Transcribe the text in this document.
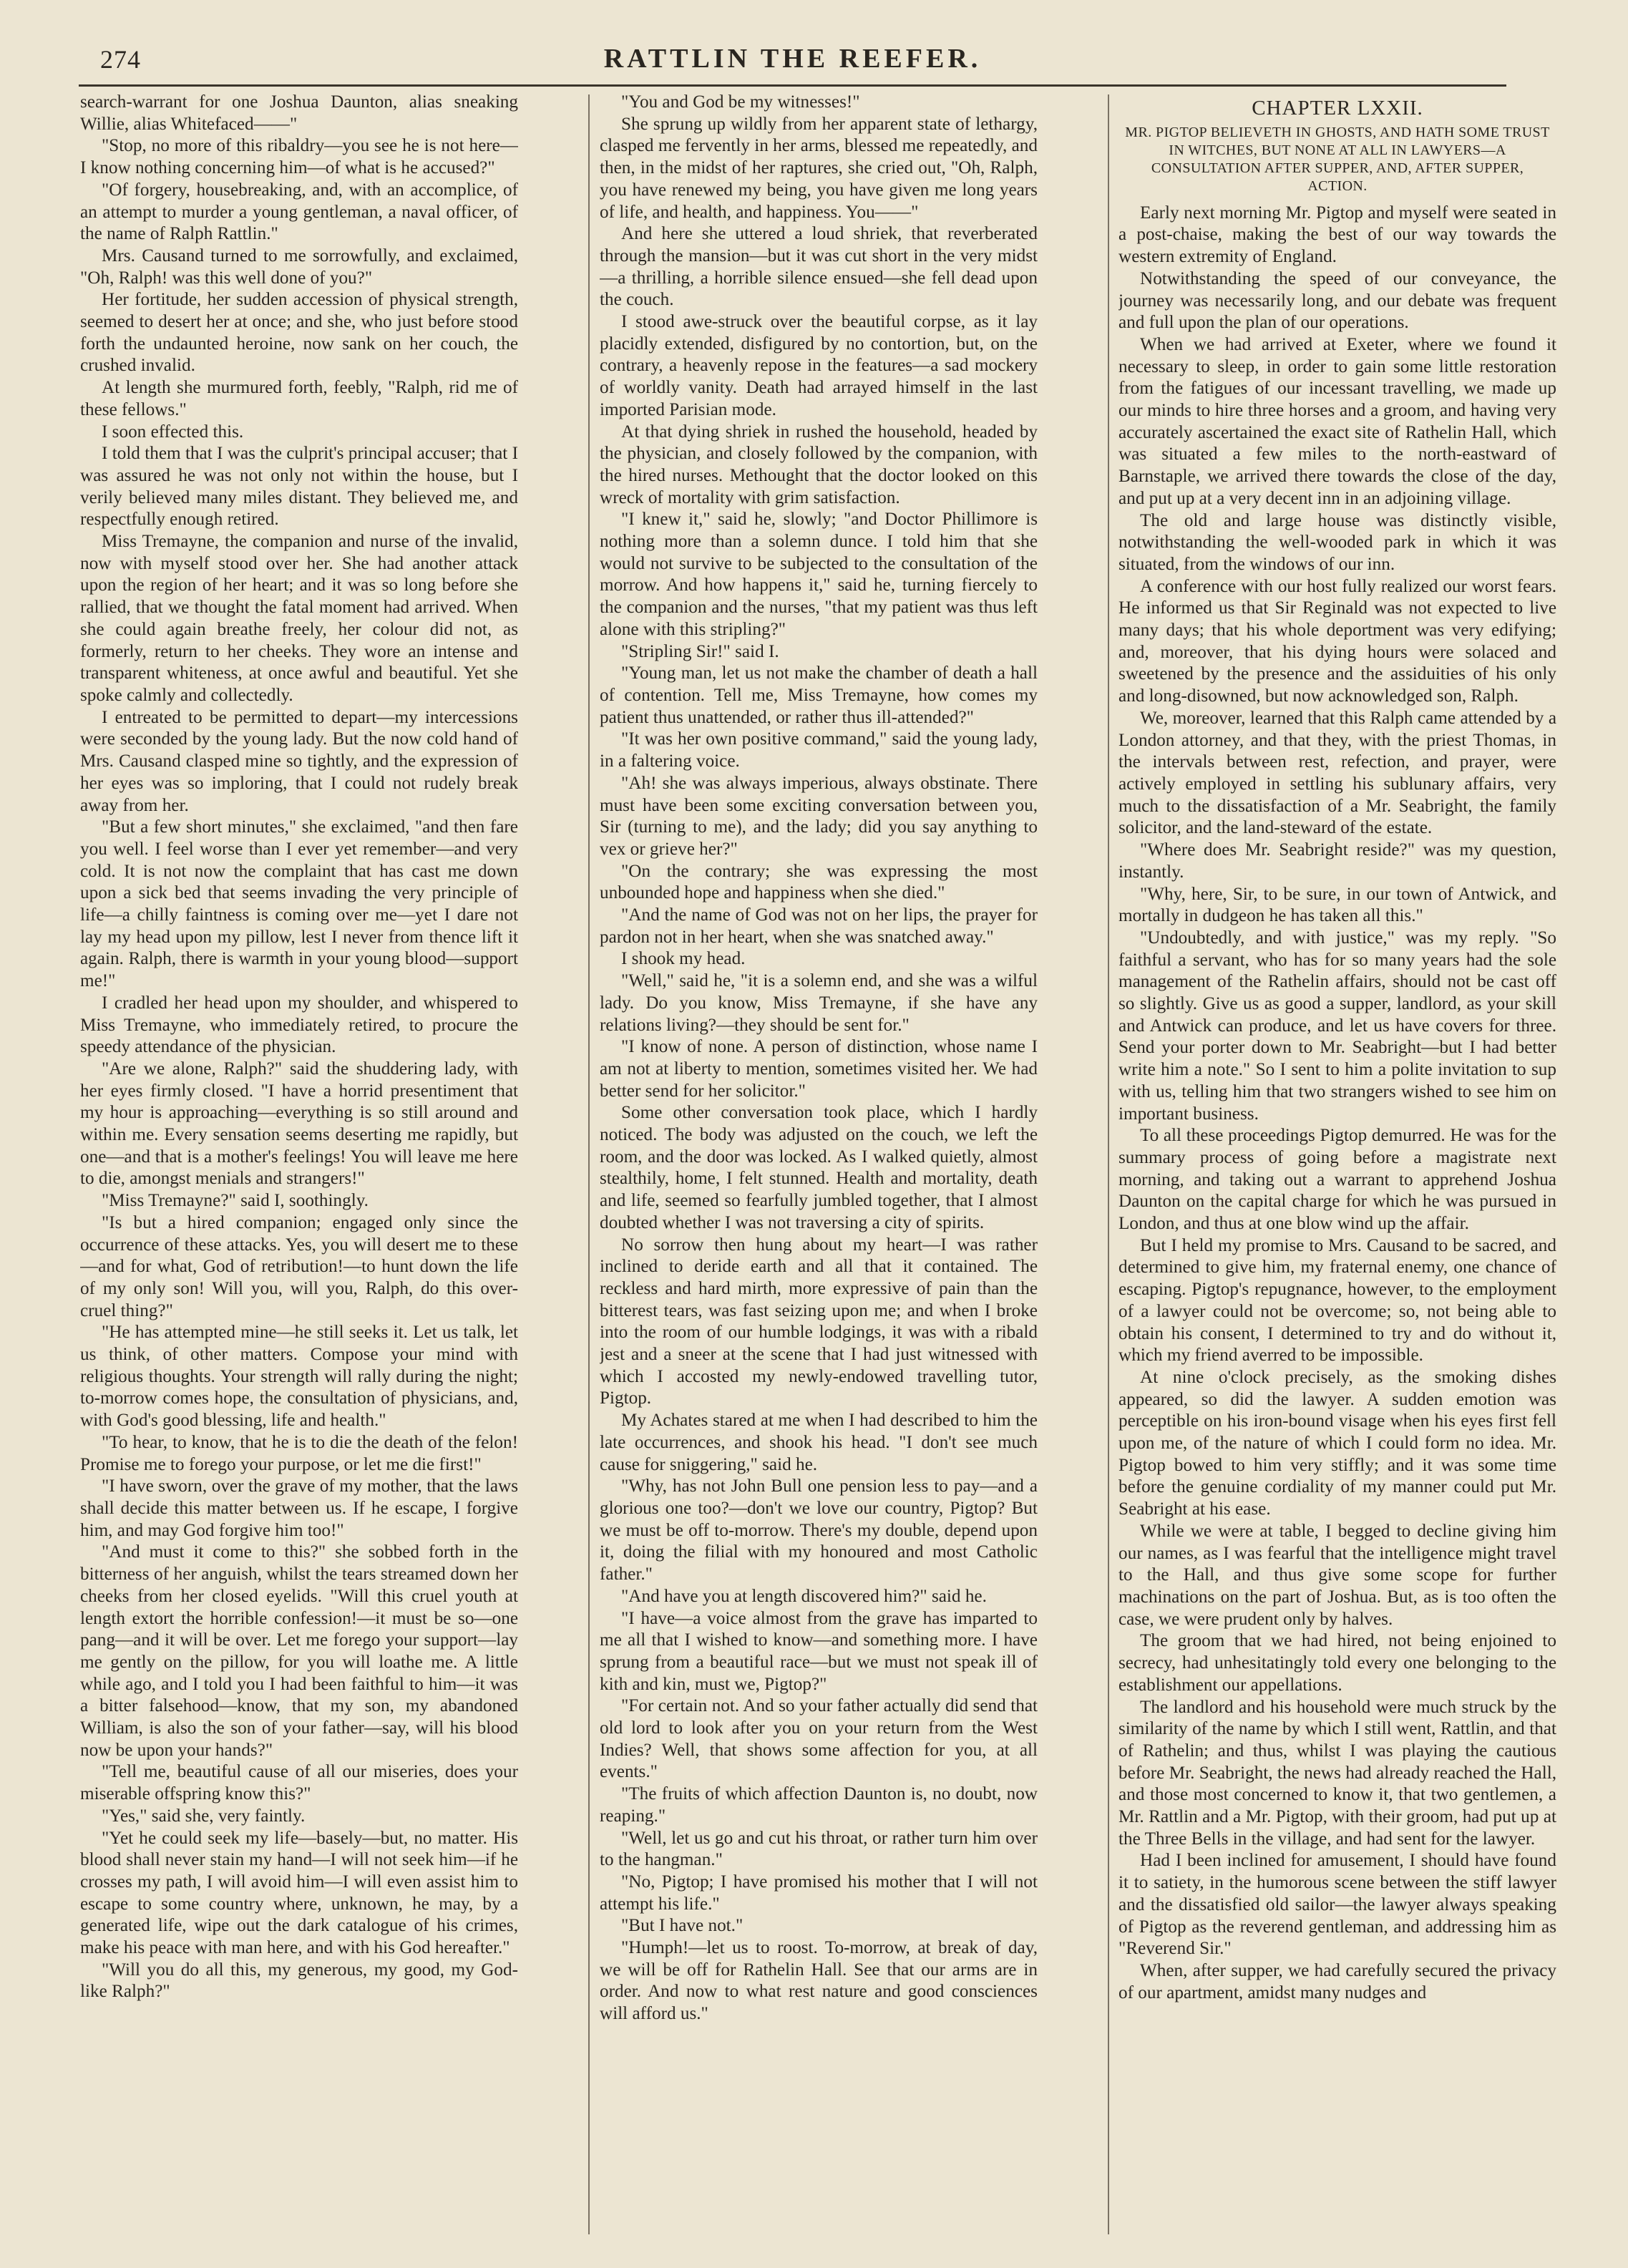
274	RATTLIN THE REEFER.

search-warrant for one Joshua Daunton, alias sneaking Willie, alias Whitefaced——"

"Stop, no more of this ribaldry—you see he is not here—I know nothing concerning him—of what is he accused?"

"Of forgery, housebreaking, and, with an accomplice, of an attempt to murder a young gentleman, a naval officer, of the name of Ralph Rattlin."

Mrs. Causand turned to me sorrowfully, and exclaimed, "Oh, Ralph! was this well done of you?"

Her fortitude, her sudden accession of physical strength, seemed to desert her at once; and she, who just before stood forth the undaunted heroine, now sank on her couch, the crushed invalid.

At length she murmured forth, feebly, "Ralph, rid me of these fellows."

I soon effected this.

I told them that I was the culprit's principal accuser; that I was assured he was not only not within the house, but I verily believed many miles distant. They believed me, and respectfully enough retired.

Miss Tremayne, the companion and nurse of the invalid, now with myself stood over her. She had another attack upon the region of her heart; and it was so long before she rallied, that we thought the fatal moment had arrived. When she could again breathe freely, her colour did not, as formerly, return to her cheeks. They wore an intense and transparent whiteness, at once awful and beautiful. Yet she spoke calmly and collectedly.

I entreated to be permitted to depart—my intercessions were seconded by the young lady. But the now cold hand of Mrs. Causand clasped mine so tightly, and the expression of her eyes was so imploring, that I could not rudely break away from her.

"But a few short minutes," she exclaimed, "and then fare you well. I feel worse than I ever yet remember—and very cold. It is not now the complaint that has cast me down upon a sick bed that seems invading the very principle of life—a chilly faintness is coming over me—yet I dare not lay my head upon my pillow, lest I never from thence lift it again. Ralph, there is warmth in your young blood—support me!"

I cradled her head upon my shoulder, and whispered to Miss Tremayne, who immediately retired, to procure the speedy attendance of the physician.

"Are we alone, Ralph?" said the shuddering lady, with her eyes firmly closed. "I have a horrid presentiment that my hour is approaching—everything is so still around and within me. Every sensation seems deserting me rapidly, but one—and that is a mother's feelings! You will leave me here to die, amongst menials and strangers!"

"Miss Tremayne?" said I, soothingly.

"Is but a hired companion; engaged only since the occurrence of these attacks. Yes, you will desert me to these—and for what, God of retribution!—to hunt down the life of my only son! Will you, will you, Ralph, do this over-cruel thing?"

"He has attempted mine—he still seeks it. Let us talk, let us think, of other matters. Compose your mind with religious thoughts. Your strength will rally during the night; to-morrow comes hope, the consultation of physicians, and, with God's good blessing, life and health."

"To hear, to know, that he is to die the death of the felon! Promise me to forego your purpose, or let me die first!"

"I have sworn, over the grave of my mother, that the laws shall decide this matter between us. If he escape, I forgive him, and may God forgive him too!"

"And must it come to this?" she sobbed forth in the bitterness of her anguish, whilst the tears streamed down her cheeks from her closed eyelids. "Will this cruel youth at length extort the horrible confession!—it must be so—one pang—and it will be over. Let me forego your support—lay me gently on the pillow, for you will loathe me. A little while ago, and I told you I had been faithful to him—it was a bitter falsehood—know, that my son, my abandoned William, is also the son of your father—say, will his blood now be upon your hands?"

"Tell me, beautiful cause of all our miseries, does your miserable offspring know this?"

"Yes," said she, very faintly.

"Yet he could seek my life—basely—but, no matter. His blood shall never stain my hand—I will not seek him—if he crosses my path, I will avoid him—I will even assist him to escape to some country where, unknown, he may, by a generated life, wipe out the dark catalogue of his crimes, make his peace with man here, and with his God hereafter."

"Will you do all this, my generous, my good, my God-like Ralph?"

"You and God be my witnesses!"

She sprung up wildly from her apparent state of lethargy, clasped me fervently in her arms, blessed me repeatedly, and then, in the midst of her raptures, she cried out, "Oh, Ralph, you have renewed my being, you have given me long years of life, and health, and happiness. You——"

And here she uttered a loud shriek, that reverberated through the mansion—but it was cut short in the very midst—a thrilling, a horrible silence ensued—she fell dead upon the couch.

I stood awe-struck over the beautiful corpse, as it lay placidly extended, disfigured by no contortion, but, on the contrary, a heavenly repose in the features—a sad mockery of worldly vanity. Death had arrayed himself in the last imported Parisian mode.

At that dying shriek in rushed the household, headed by the physician, and closely followed by the companion, with the hired nurses. Methought that the doctor looked on this wreck of mortality with grim satisfaction.

"I knew it," said he, slowly; "and Doctor Phillimore is nothing more than a solemn dunce. I told him that she would not survive to be subjected to the consultation of the morrow. And how happens it," said he, turning fiercely to the companion and the nurses, "that my patient was thus left alone with this stripling?"

"Stripling Sir!" said I.

"Young man, let us not make the chamber of death a hall of contention. Tell me, Miss Tremayne, how comes my patient thus unattended, or rather thus ill-attended?"

"It was her own positive command," said the young lady, in a faltering voice.

"Ah! she was always imperious, always obstinate. There must have been some exciting conversation between you, Sir (turning to me), and the lady; did you say anything to vex or grieve her?"

"On the contrary; she was expressing the most unbounded hope and happiness when she died."

"And the name of God was not on her lips, the prayer for pardon not in her heart, when she was snatched away."

I shook my head.

"Well," said he, "it is a solemn end, and she was a wilful lady. Do you know, Miss Tremayne, if she have any relations living?—they should be sent for."

"I know of none. A person of distinction, whose name I am not at liberty to mention, sometimes visited her. We had better send for her solicitor."

Some other conversation took place, which I hardly noticed. The body was adjusted on the couch, we left the room, and the door was locked. As I walked quietly, almost stealthily, home, I felt stunned. Health and mortality, death and life, seemed so fearfully jumbled together, that I almost doubted whether I was not traversing a city of spirits.

No sorrow then hung about my heart—I was rather inclined to deride earth and all that it contained. The reckless and hard mirth, more expressive of pain than the bitterest tears, was fast seizing upon me; and when I broke into the room of our humble lodgings, it was with a ribald jest and a sneer at the scene that I had just witnessed with which I accosted my newly-endowed travelling tutor, Pigtop.

My Achates stared at me when I had described to him the late occurrences, and shook his head. "I don't see much cause for sniggering," said he.

"Why, has not John Bull one pension less to pay—and a glorious one too?—don't we love our country, Pigtop? But we must be off to-morrow. There's my double, depend upon it, doing the filial with my honoured and most Catholic father."

"And have you at length discovered him?" said he.

"I have—a voice almost from the grave has imparted to me all that I wished to know—and something more. I have sprung from a beautiful race—but we must not speak ill of kith and kin, must we, Pigtop?"

"For certain not. And so your father actually did send that old lord to look after you on your return from the West Indies? Well, that shows some affection for you, at all events."

"The fruits of which affection Daunton is, no doubt, now reaping."

"Well, let us go and cut his throat, or rather turn him over to the hangman."

"No, Pigtop; I have promised his mother that I will not attempt his life."

"But I have not."

"Humph!—let us to roost. To-morrow, at break of day, we will be off for Rathelin Hall. See that our arms are in order. And now to what rest nature and good consciences will afford us."

CHAPTER LXXII.
MR. PIGTOP BELIEVETH IN GHOSTS, AND HATH SOME TRUST IN WITCHES, BUT NONE AT ALL IN LAWYERS—A CONSULTATION AFTER SUPPER, AND, AFTER SUPPER, ACTION.

Early next morning Mr. Pigtop and myself were seated in a post-chaise, making the best of our way towards the western extremity of England.

Notwithstanding the speed of our conveyance, the journey was necessarily long, and our debate was frequent and full upon the plan of our operations.

When we had arrived at Exeter, where we found it necessary to sleep, in order to gain some little restoration from the fatigues of our incessant travelling, we made up our minds to hire three horses and a groom, and having very accurately ascertained the exact site of Rathelin Hall, which was situated a few miles to the north-eastward of Barnstaple, we arrived there towards the close of the day, and put up at a very decent inn in an adjoining village.

The old and large house was distinctly visible, notwithstanding the well-wooded park in which it was situated, from the windows of our inn.

A conference with our host fully realized our worst fears. He informed us that Sir Reginald was not expected to live many days; that his whole deportment was very edifying; and, moreover, that his dying hours were solaced and sweetened by the presence and the assiduities of his only and long-disowned, but now acknowledged son, Ralph.

We, moreover, learned that this Ralph came attended by a London attorney, and that they, with the priest Thomas, in the intervals between rest, refection, and prayer, were actively employed in settling his sublunary affairs, very much to the dissatisfaction of a Mr. Seabright, the family solicitor, and the land-steward of the estate.

"Where does Mr. Seabright reside?" was my question, instantly.

"Why, here, Sir, to be sure, in our town of Antwick, and mortally in dudgeon he has taken all this."

"Undoubtedly, and with justice," was my reply. "So faithful a servant, who has for so many years had the sole management of the Rathelin affairs, should not be cast off so slightly. Give us as good a supper, landlord, as your skill and Antwick can produce, and let us have covers for three. Send your porter down to Mr. Seabright—but I had better write him a note." So I sent to him a polite invitation to sup with us, telling him that two strangers wished to see him on important business.

To all these proceedings Pigtop demurred. He was for the summary process of going before a magistrate next morning, and taking out a warrant to apprehend Joshua Daunton on the capital charge for which he was pursued in London, and thus at one blow wind up the affair.

But I held my promise to Mrs. Causand to be sacred, and determined to give him, my fraternal enemy, one chance of escaping. Pigtop's repugnance, however, to the employment of a lawyer could not be overcome; so, not being able to obtain his consent, I determined to try and do without it, which my friend averred to be impossible.

At nine o'clock precisely, as the smoking dishes appeared, so did the lawyer. A sudden emotion was perceptible on his iron-bound visage when his eyes first fell upon me, of the nature of which I could form no idea. Mr. Pigtop bowed to him very stiffly; and it was some time before the genuine cordiality of my manner could put Mr. Seabright at his ease.

While we were at table, I begged to decline giving him our names, as I was fearful that the intelligence might travel to the Hall, and thus give some scope for further machinations on the part of Joshua. But, as is too often the case, we were prudent only by halves.

The groom that we had hired, not being enjoined to secrecy, had unhesitatingly told every one belonging to the establishment our appellations.

The landlord and his household were much struck by the similarity of the name by which I still went, Rattlin, and that of Rathelin; and thus, whilst I was playing the cautious before Mr. Seabright, the news had already reached the Hall, and those most concerned to know it, that two gentlemen, a Mr. Rattlin and a Mr. Pigtop, with their groom, had put up at the Three Bells in the village, and had sent for the lawyer.

Had I been inclined for amusement, I should have found it to satiety, in the humorous scene between the stiff lawyer and the dissatisfied old sailor—the lawyer always speaking of Pigtop as the reverend gentleman, and addressing him as "Reverend Sir."

When, after supper, we had carefully secured the privacy of our apartment, amidst many nudges and
